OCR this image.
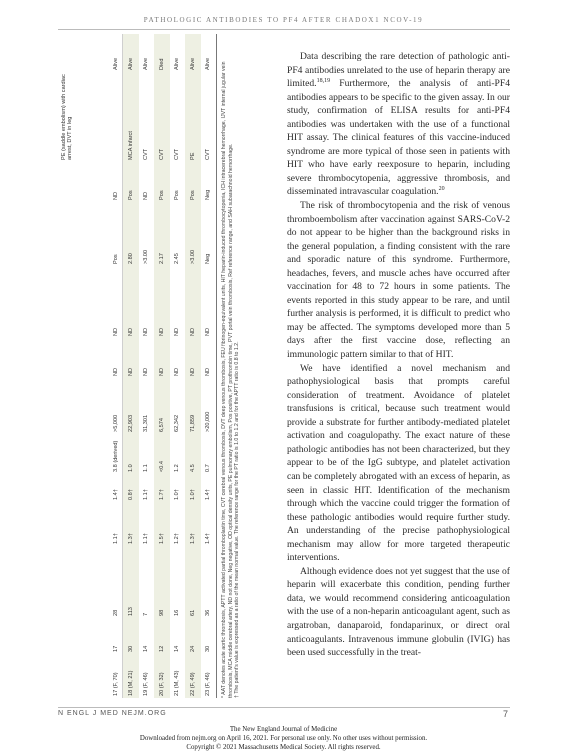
PATHOLOGIC ANTIBODIES TO PF4 AFTER CHADOX1 NCOV-19
17 (F, 70)	17	28	1.1†	1.4†	3.8 (derived)	>5,000	ND	ND	Pos	ND	PE (saddle embolism) with cardiac arrest, DVT in leg	Alive
18 (M, 21)	30	113	1.3†	0.8†	1.0	22,903	ND	ND	2.80	Pos	MCA infarct	Alive
19 (F, 46)	14	7	1.1†	1.1†	1.1	31,301	ND	ND	>3.00	ND	CVT	Alive
20 (F, 32)	12	98	1.5†	1.7†	<0.4	6,574	ND	ND	2.17	Pos	CVT	Died
21 (M, 43)	14	16	1.2†	1.0†	1.2	62,342	ND	ND	2.45	Pos	CVT	Alive
22 (F, 49)	24	61	1.3†	1.0†	4.5	71,859	ND	ND	>3.00	Pos	PE	Alive
23 (F, 46)	30	36	1.4†	1.4†	0.7	>20,000	ND	ND	Neg	Neg	CVT	Alive * AAT denotes acute aortic thrombosis, APTT activated partial thromboplastin time, CVT cerebral venous thrombosis, DVT deep venous thrombosis, FEU fibrinogen-equivalent units, HIT heparin-induced thrombocytopenia, ICH intracerebral hemorrhage, IJVT internal jugular vein thrombosis, MCA middle cerebral artery, ND not done, Neg negative, OD optical density units, PE pulmonary embolism, Pos positive, PT prothrombin time, PVT portal vein thrombosis, Ref reference range, and SAH subarachnoid hemorrhage. † The patient’s value is expressed as a ratio of the mean normal value. The reference range for the PT ratio is 1.0 to 1.2 and for the APTT ratio is 0.8 to 1.2.

Data describing the rare detection of pathologic anti-PF4 antibodies unrelated to the use of heparin therapy are limited.$^{18,19}$ Furthermore, the analysis of anti-PF4 antibodies appears to be specific to the given assay. In our study, confirmation of ELISA results for anti-PF4 antibodies was undertaken with the use of a functional HIT assay. The clinical features of this vaccine-induced syndrome are more typical of those seen in patients with HIT who have early reexposure to heparin, including severe thrombocytopenia, aggressive thrombosis, and disseminated intravascular coagulation.$^{20}$

The risk of thrombocytopenia and the risk of venous thromboembolism after vaccination against SARS-CoV-2 do not appear to be higher than the background risks in the general population, a finding consistent with the rare and sporadic nature of this syndrome. Furthermore, headaches, fevers, and muscle aches have occurred after vaccination for 48 to 72 hours in some patients. The events reported in this study appear to be rare, and until further analysis is performed, it is difficult to predict who may be affected. The symptoms developed more than 5 days after the first vaccine dose, reflecting an immunologic pattern similar to that of HIT.

We have identified a novel mechanism and pathophysiological basis that prompts careful consideration of treatment. Avoidance of platelet transfusions is critical, because such treatment would provide a substrate for further antibody-mediated platelet activation and coagulopathy. The exact nature of these pathologic antibodies has not been characterized, but they appear to be of the IgG subtype, and platelet activation can be completely abrogated with an excess of heparin, as seen in classic HIT. Identification of the mechanism through which the vaccine could trigger the formation of these pathologic antibodies would require further study. An understanding of the precise pathophysiological mechanism may allow for more targeted therapeutic interventions.

Although evidence does not yet suggest that the use of heparin will exacerbate this condition, pending further data, we would recommend considering anticoagulation with the use of a non-heparin anticoagulant agent, such as argatroban, danaparoid, fondaparinux, or direct oral anticoagulants. Intravenous immune globulin (IVIG) has been used successfully in the treat-

N ENGL J MED NEJM.ORG	7
The New England Journal of Medicine
Downloaded from nejm.org on April 16, 2021. For personal use only. No other uses without permission.
Copyright © 2021 Massachusetts Medical Society. All rights reserved.
